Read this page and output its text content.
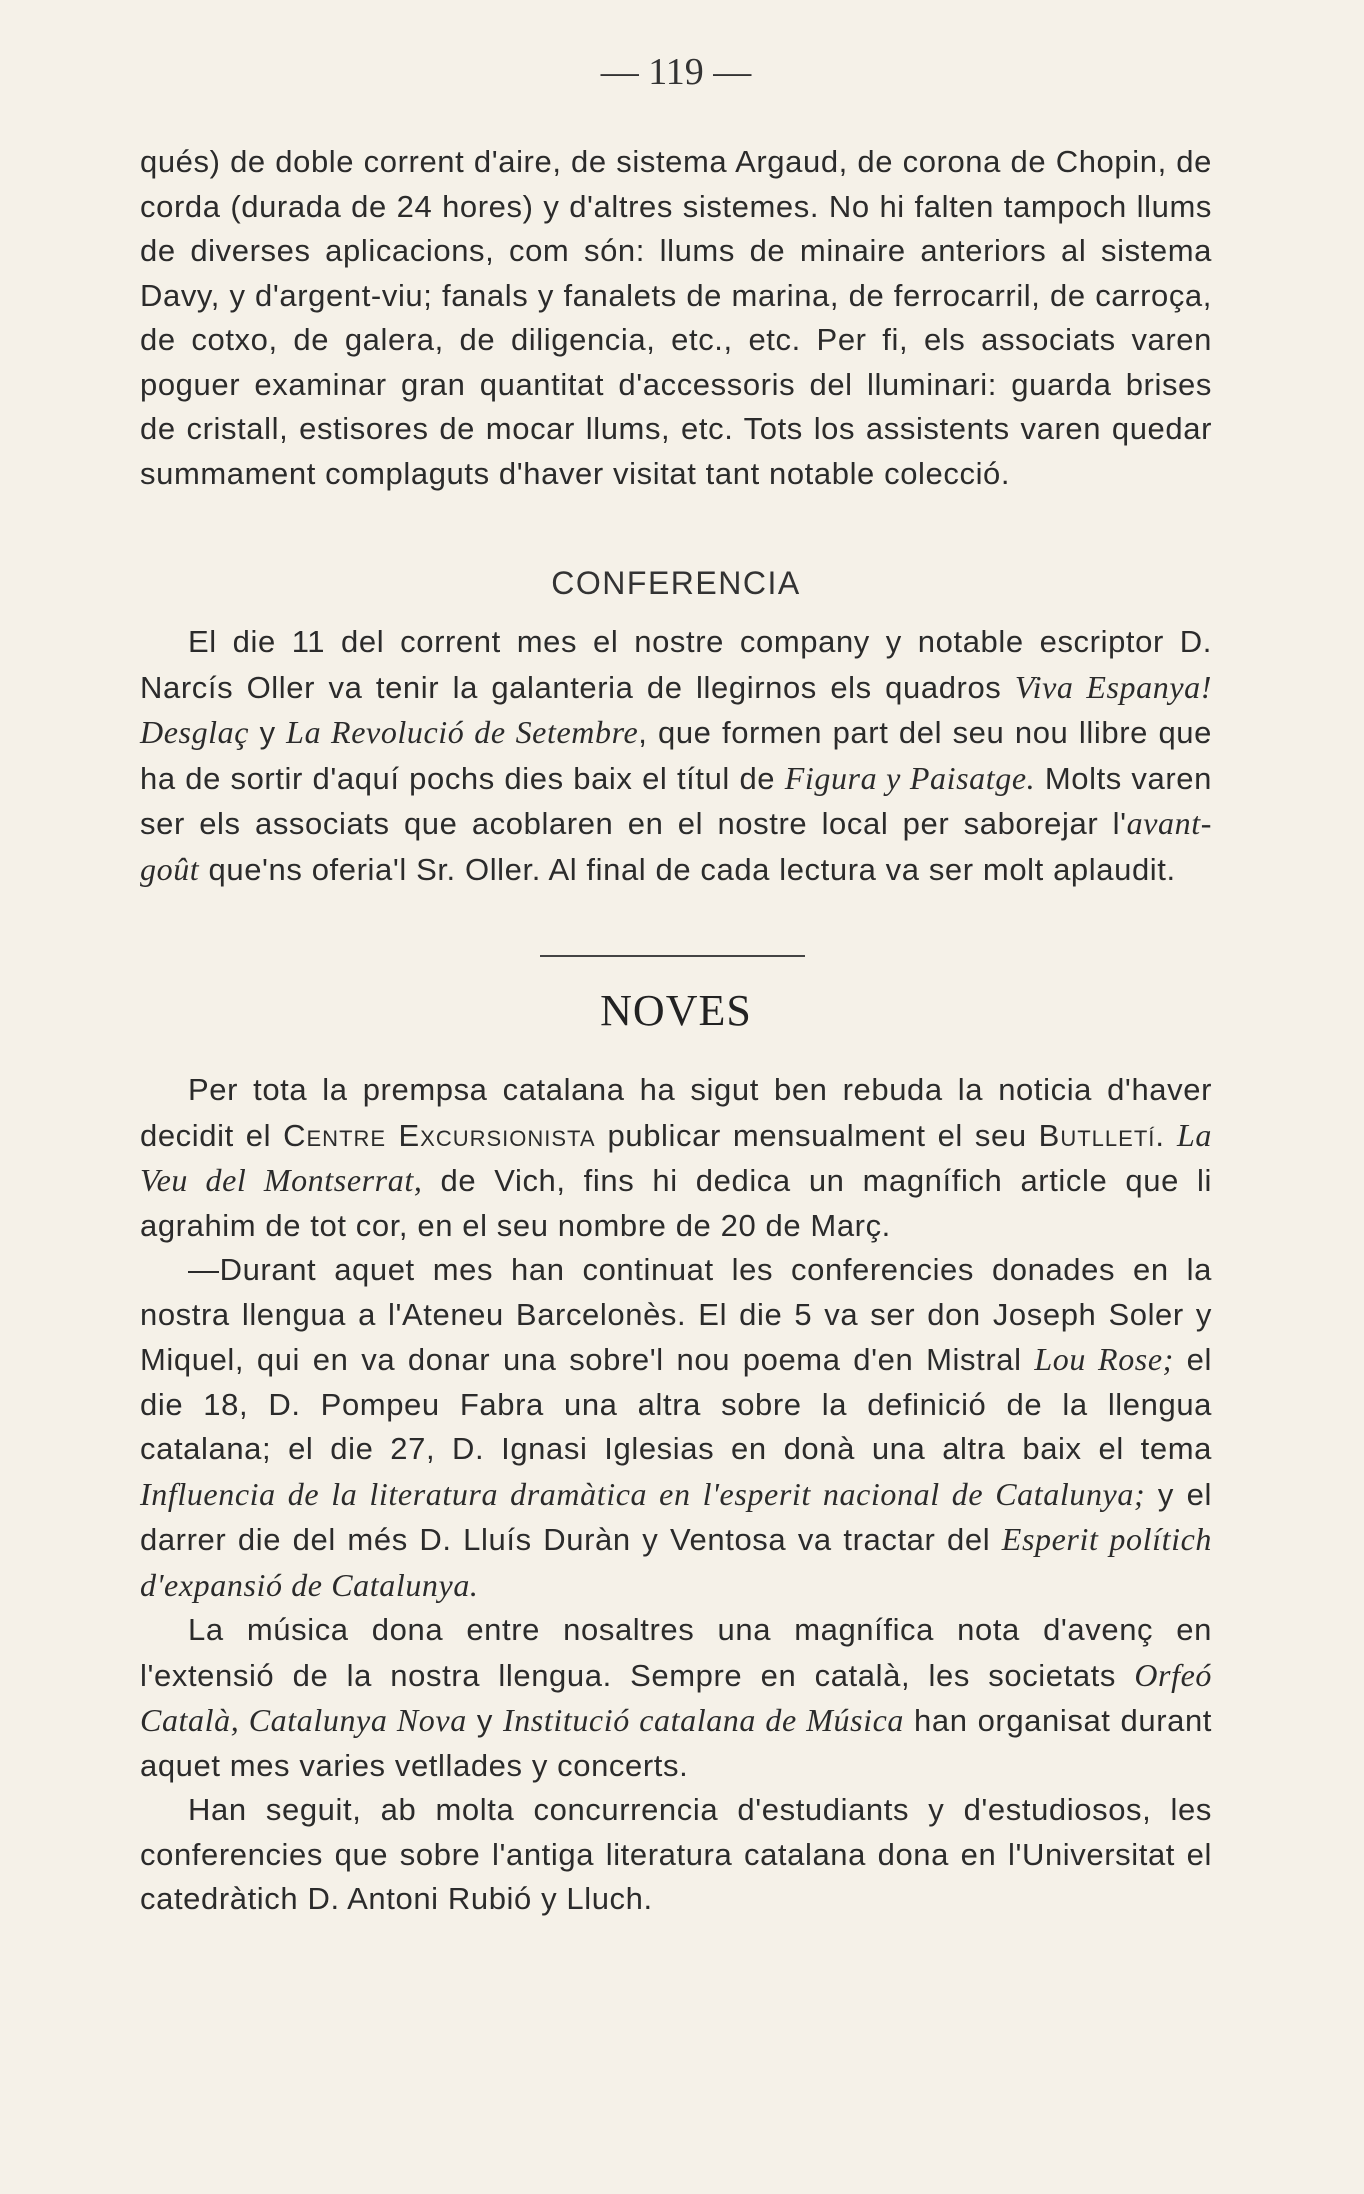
— 119 —

qués) de doble corrent d'aire, de sistema Argaud, de corona de Chopin, de corda (durada de 24 hores) y d'altres sistemes. No hi falten tampoch llums de diverses aplicacions, com són: llums de minaire anteriors al sistema Davy, y d'argent-viu; fanals y fanalets de marina, de ferrocarril, de carroça, de cotxo, de galera, de diligencia, etc., etc. Per fi, els associats varen poguer examinar gran quantitat d'accessoris del lluminari: guarda brises de cristall, estisores de mocar llums, etc. Tots los assistents varen quedar summament complaguts d'haver visitat tant notable colecció.

CONFERENCIA

El die 11 del corrent mes el nostre company y notable escriptor D. Narcís Oller va tenir la galanteria de llegirnos els quadros Viva Espanya! Desglaç y La Revolució de Setembre, que formen part del seu nou llibre que ha de sortir d'aquí pochs dies baix el títul de Figura y Paisatge. Molts varen ser els associats que acoblaren en el nostre local per saborejar l'avant-goût que'ns oferia'l Sr. Oller. Al final de cada lectura va ser molt aplaudit.

NOVES

Per tota la prempsa catalana ha sigut ben rebuda la noticia d'haver decidit el Centre Excursionista publicar mensualment el seu Butlletí. La Veu del Montserrat, de Vich, fins hi dedica un magnífich article que li agrahim de tot cor, en el seu nombre de 20 de Març.

—Durant aquet mes han continuat les conferencies donades en la nostra llengua a l'Ateneu Barcelonès. El die 5 va ser don Joseph Soler y Miquel, qui en va donar una sobre'l nou poema d'en Mistral Lou Rose; el die 18, D. Pompeu Fabra una altra sobre la definició de la llengua catalana; el die 27, D. Ignasi Iglesias en donà una altra baix el tema Influencia de la literatura dramàtica en l'esperit nacional de Catalunya; y el darrer die del més D. Lluís Duràn y Ventosa va tractar del Esperit polítich d'expansió de Catalunya.

La música dona entre nosaltres una magnífica nota d'avenç en l'extensió de la nostra llengua. Sempre en català, les societats Orfeó Català, Catalunya Nova y Institució catalana de Música han organisat durant aquet mes varies vetllades y concerts.

Han seguit, ab molta concurrencia d'estudiants y d'estudiosos, les conferencies que sobre l'antiga literatura catalana dona en l'Universitat el catedràtich D. Antoni Rubió y Lluch.
